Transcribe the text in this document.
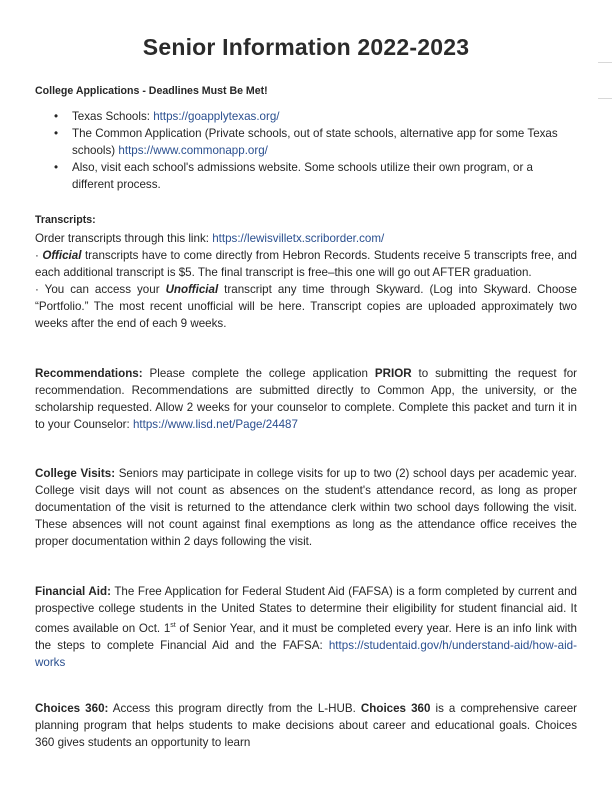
Senior Information 2022-2023

College Applications - Deadlines Must Be Met!

• Texas Schools: https://goapplytexas.org/
• The Common Application (Private schools, out of state schools, alternative app for some Texas schools) https://www.commonapp.org/
• Also, visit each school's admissions website. Some schools utilize their own program, or a different process.

Transcripts:

Order transcripts through this link: https://lewisvilletx.scriborder.com/
· Official transcripts have to come directly from Hebron Records. Students receive 5 transcripts free, and each additional transcript is $5. The final transcript is free–this one will go out AFTER graduation.
· You can access your Unofficial transcript any time through Skyward. (Log into Skyward. Choose “Portfolio.” The most recent unofficial will be here. Transcript copies are uploaded approximately two weeks after the end of each 9 weeks.

Recommendations: Please complete the college application PRIOR to submitting the request for recommendation. Recommendations are submitted directly to Common App, the university, or the scholarship requested. Allow 2 weeks for your counselor to complete. Complete this packet and turn it in to your Counselor: https://www.lisd.net/Page/24487

College Visits: Seniors may participate in college visits for up to two (2) school days per academic year. College visit days will not count as absences on the student's attendance record, as long as proper documentation of the visit is returned to the attendance clerk within two school days following the visit. These absences will not count against final exemptions as long as the attendance office receives the proper documentation within 2 days following the visit.

Financial Aid: The Free Application for Federal Student Aid (FAFSA) is a form completed by current and prospective college students in the United States to determine their eligibility for student financial aid. It comes available on Oct. 1st of Senior Year, and it must be completed every year. Here is an info link with the steps to complete Financial Aid and the FAFSA: https://studentaid.gov/h/understand-aid/how-aid-works

Choices 360: Access this program directly from the L-HUB. Choices 360 is a comprehensive career planning program that helps students to make decisions about career and educational goals. Choices 360 gives students an opportunity to learn
